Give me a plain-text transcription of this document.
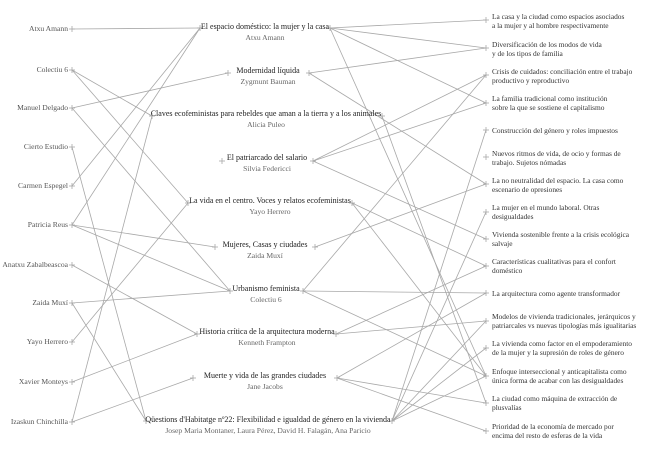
Atxu Amann
Colectiu 6
Manuel Delgado
Cierto Estudio
Carmen Espegel
Patricia Reus
Anatxu Zabalbeascoa
Zaida Muxí
Yayo Herrero
Xavier Monteys
Izaskun Chinchilla
El espacio doméstico: la mujer y la casa
Atxu Amann
Modernidad líquida
Zygmunt Bauman
Claves ecofeministas para rebeldes que aman a la tierra y a los animales
Alicia Puleo
El patriarcado del salario
Silvia Federicci
La vida en el centro. Voces y relatos ecofeministas
Yayo Herrero
Mujeres, Casas y ciudades
Zaida Muxí
Urbanismo feminista
Colectiu 6
Historia crítica de la arquitectura moderna
Kenneth Frampton
Muerte y vida de las grandes ciudades
Jane Jacobs
Qüestions d'Habitatge nº22: Flexibilidad e igualdad de género en la vivienda
Josep Maria Montaner, Laura Pérez, David H. Falagán, Ana Paricio
La casa y la ciudad como espacios asociados
a la mujer y al hombre respectivamente
Diversificación de los modos de vida
y de los tipos de familia
Crisis de cuidados: conciliación entre el trabajo
productivo y reproductivo
La familia tradicional como institución
sobre la que se sostiene el capitalismo
Construcción del género y roles impuestos
Nuevos ritmos de vida, de ocio y formas de
trabajo. Sujetos nómadas
La no neutralidad del espacio. La casa como
escenario de opresiones
La mujer en el mundo laboral. Otras
desigualdades
Vivienda sostenible frente a la crisis ecológica
salvaje
Características cualitativas para el confort
doméstico
La arquitectura como agente transformador
Modelos de vivienda tradicionales, jerárquicos y
patriarcales vs nuevas tipologías más igualitarias
La vivienda como factor en el empoderamiento
de la mujer y la supresión de roles de género
Enfoque interseccional y anticapitalista como
única forma de acabar con las desigualdades
La ciudad como máquina de extracción de
plusvalías
Prioridad de la economía de mercado por
encima del resto de esferas de la vida
